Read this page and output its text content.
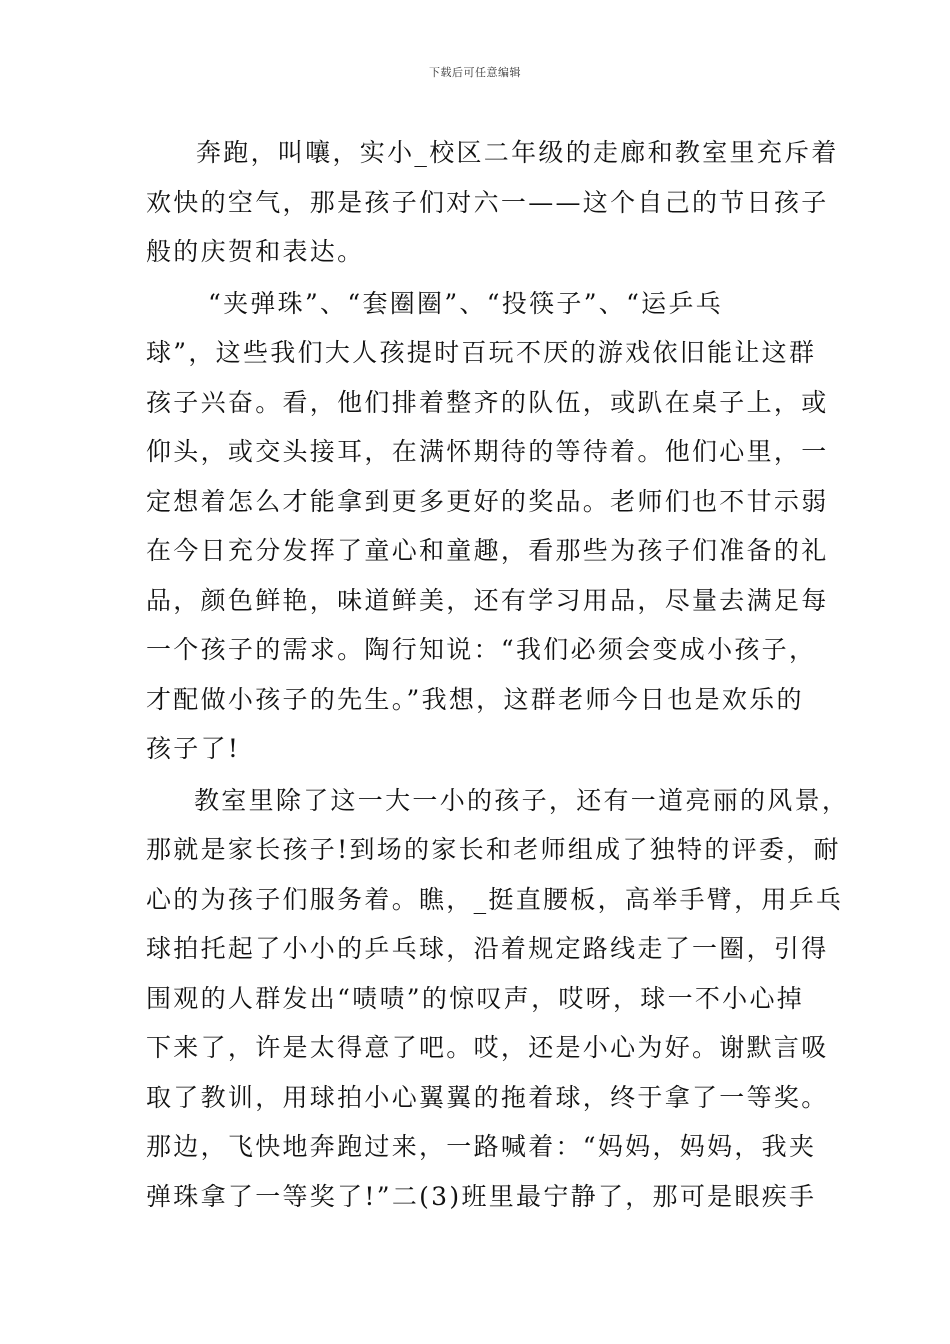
下载后可任意编辑
奔跑，叫嚷，实小_校区二年级的走廊和教室里充斥着
欢快的空气，那是孩子们对六一——这个自己的节日孩子
般的庆贺和表达。
“夹弹珠”、“套圈圈”、“投筷子”、“运乒乓
球”，这些我们大人孩提时百玩不厌的游戏依旧能让这群
孩子兴奋。看，他们排着整齐的队伍，或趴在桌子上，或
仰头，或交头接耳，在满怀期待的等待着。他们心里，一
定想着怎么才能拿到更多更好的奖品。老师们也不甘示弱
在今日充分发挥了童心和童趣，看那些为孩子们准备的礼
品，颜色鲜艳，味道鲜美，还有学习用品，尽量去满足每
一个孩子的需求。陶行知说：“我们必须会变成小孩子，
才配做小孩子的先生。”我想，这群老师今日也是欢乐的
孩子了!
教室里除了这一大一小的孩子，还有一道亮丽的风景，
那就是家长孩子!到场的家长和老师组成了独特的评委，耐
心的为孩子们服务着。瞧，_挺直腰板，高举手臂，用乒乓
球拍托起了小小的乒乓球，沿着规定路线走了一圈，引得
围观的人群发出“啧啧”的惊叹声，哎呀，球一不小心掉
下来了，许是太得意了吧。哎，还是小心为好。谢默言吸
取了教训，用球拍小心翼翼的拖着球，终于拿了一等奖。
那边，飞快地奔跑过来，一路喊着：“妈妈，妈妈，我夹
弹珠拿了一等奖了!”二(3)班里最宁静了，那可是眼疾手
